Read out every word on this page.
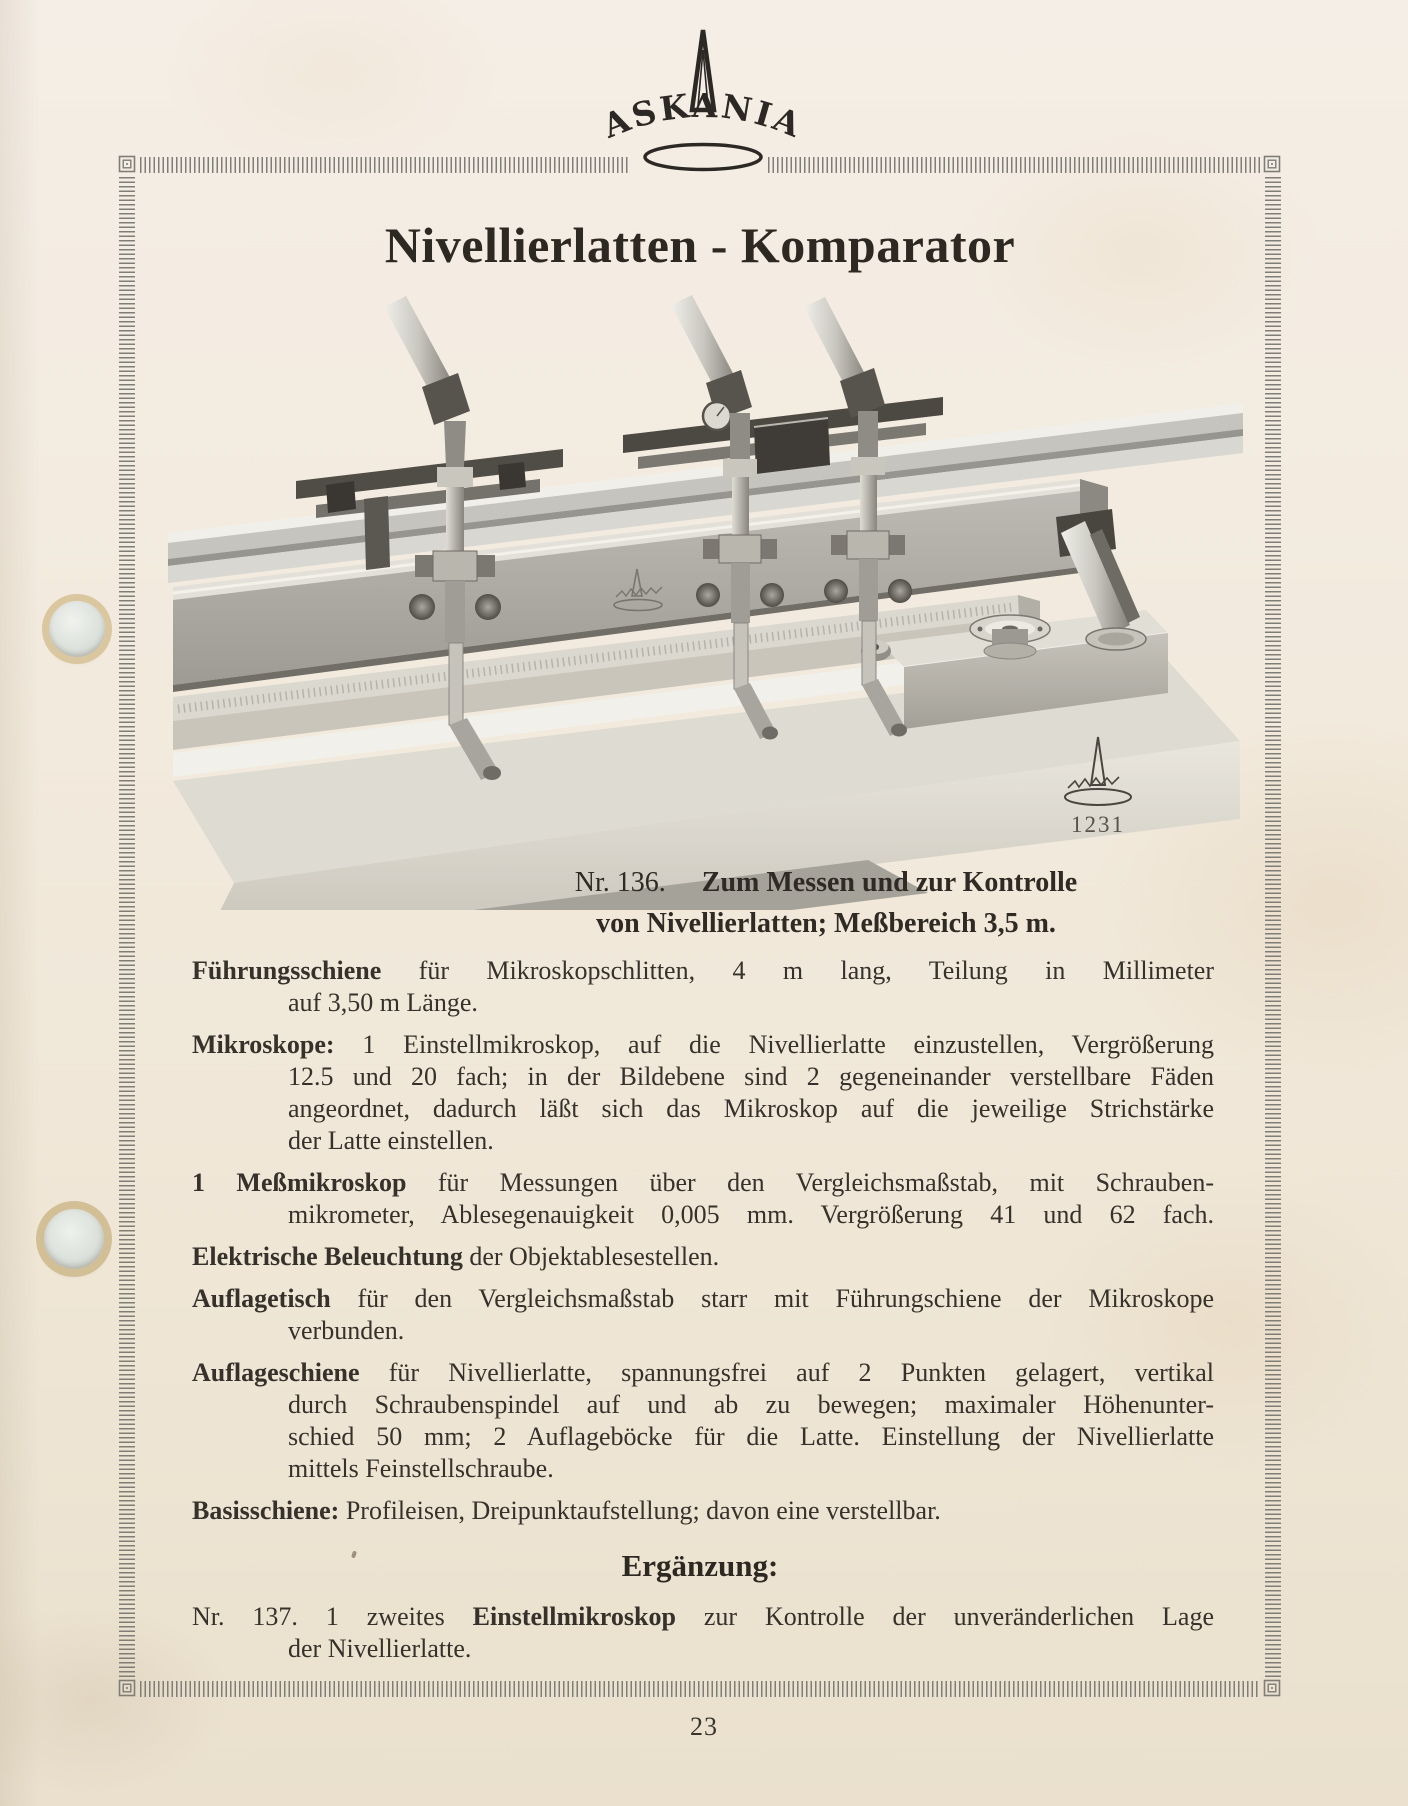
ASKANIA
Nivellierlatten - Komparator
1231
Nr. 136. Zum Messen und zur Kontrolle
von Nivellierlatten; Meßbereich 3,5 m.
Führungsschiene für Mikroskopschlitten, 4 m lang, Teilung in Millimeter
auf 3,50 m Länge.
Mikroskope: 1 Einstellmikroskop, auf die Nivellierlatte einzustellen, Vergrößerung
12.5 und 20 fach; in der Bildebene sind 2 gegeneinander verstellbare Fäden
angeordnet, dadurch läßt sich das Mikroskop auf die jeweilige Strichstärke
der Latte einstellen.
1 Meßmikroskop für Messungen über den Vergleichsmaßstab, mit Schrauben-
mikrometer, Ablesegenauigkeit 0,005 mm. Vergrößerung 41 und 62 fach.
Elektrische Beleuchtung der Objektablesestellen.
Auflagetisch für den Vergleichsmaßstab starr mit Führungschiene der Mikroskope
verbunden.
Auflageschiene für Nivellierlatte, spannungsfrei auf 2 Punkten gelagert, vertikal
durch Schraubenspindel auf und ab zu bewegen; maximaler Höhenunter-
schied 50 mm; 2 Auflageböcke für die Latte. Einstellung der Nivellierlatte
mittels Feinstellschraube.
Basisschiene: Profileisen, Dreipunktaufstellung; davon eine verstellbar.
Ergänzung:
Nr. 137. 1 zweites Einstellmikroskop zur Kontrolle der unveränderlichen Lage
der Nivellierlatte.
23
